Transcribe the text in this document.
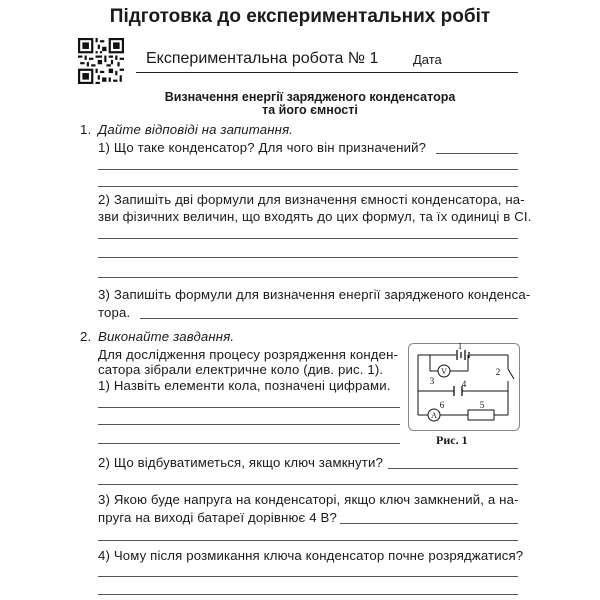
Підготовка до експериментальних робіт
Експериментальна робота № 1	Дата
Визначення енергії зарядженого конденсатора
та його ємності
1. Дайте відповіді на запитання.
1) Що таке конденсатор? Для чого він призначений?
2) Запишіть дві формули для визначення ємності конденсатора, на-
зви фізичних величин, що входять до цих формул, та їх одиниці в СІ.
3) Запишіть формули для визначення енергії зарядженого конденса-
тора.
2. Виконайте завдання.
Для дослідження процесу розрядження конден-
сатора зібрали електричне коло (див. рис. 1).
1) Назвіть елементи кола, позначені цифрами.
1
2
3	4
5
6
V
A
Рис. 1
2) Що відбуватиметься, якщо ключ замкнути?
3) Якою буде напруга на конденсаторі, якщо ключ замкнений, а на-
пруга на виході батареї дорівнює 4 В?
4) Чому після розмикання ключа конденсатор почне розряджатися?
